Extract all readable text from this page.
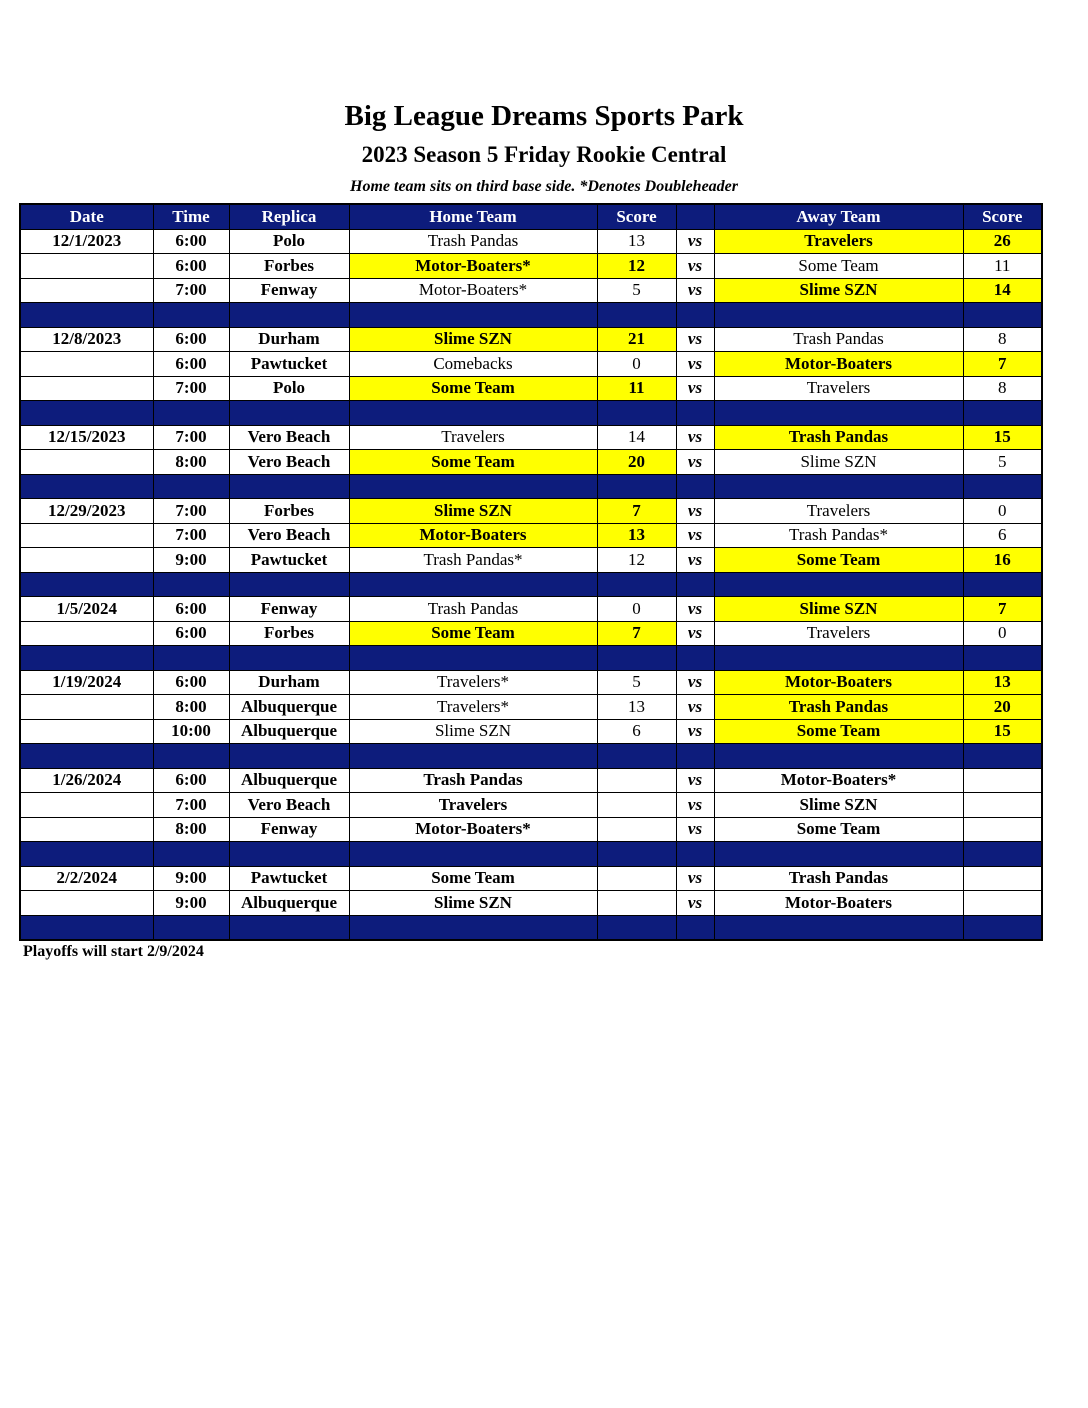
Big League Dreams Sports Park
2023 Season 5 Friday Rookie Central
Home team sits on third base side. *Denotes Doubleheader
Date	Time	Replica	Home Team	Score		Away Team	Score
12/1/2023	6:00	Polo	Trash Pandas	13	vs	Travelers	26
	6:00	Forbes	Motor-Boaters*	12	vs	Some Team	11
	7:00	Fenway	Motor-Boaters*	5	vs	Slime SZN	14

12/8/2023	6:00	Durham	Slime SZN	21	vs	Trash Pandas	8
	6:00	Pawtucket	Comebacks	0	vs	Motor-Boaters	7
	7:00	Polo	Some Team	11	vs	Travelers	8

12/15/2023	7:00	Vero Beach	Travelers	14	vs	Trash Pandas	15
	8:00	Vero Beach	Some Team	20	vs	Slime SZN	5

12/29/2023	7:00	Forbes	Slime SZN	7	vs	Travelers	0
	7:00	Vero Beach	Motor-Boaters	13	vs	Trash Pandas*	6
	9:00	Pawtucket	Trash Pandas*	12	vs	Some Team	16

1/5/2024	6:00	Fenway	Trash Pandas	0	vs	Slime SZN	7
	6:00	Forbes	Some Team	7	vs	Travelers	0

1/19/2024	6:00	Durham	Travelers*	5	vs	Motor-Boaters	13
	8:00	Albuquerque	Travelers*	13	vs	Trash Pandas	20
	10:00	Albuquerque	Slime SZN	6	vs	Some Team	15

1/26/2024	6:00	Albuquerque	Trash Pandas		vs	Motor-Boaters*	
	7:00	Vero Beach	Travelers		vs	Slime SZN	
	8:00	Fenway	Motor-Boaters*		vs	Some Team	

2/2/2024	9:00	Pawtucket	Some Team		vs	Trash Pandas	
	9:00	Albuquerque	Slime SZN		vs	Motor-Boaters	

Playoffs will start 2/9/2024
